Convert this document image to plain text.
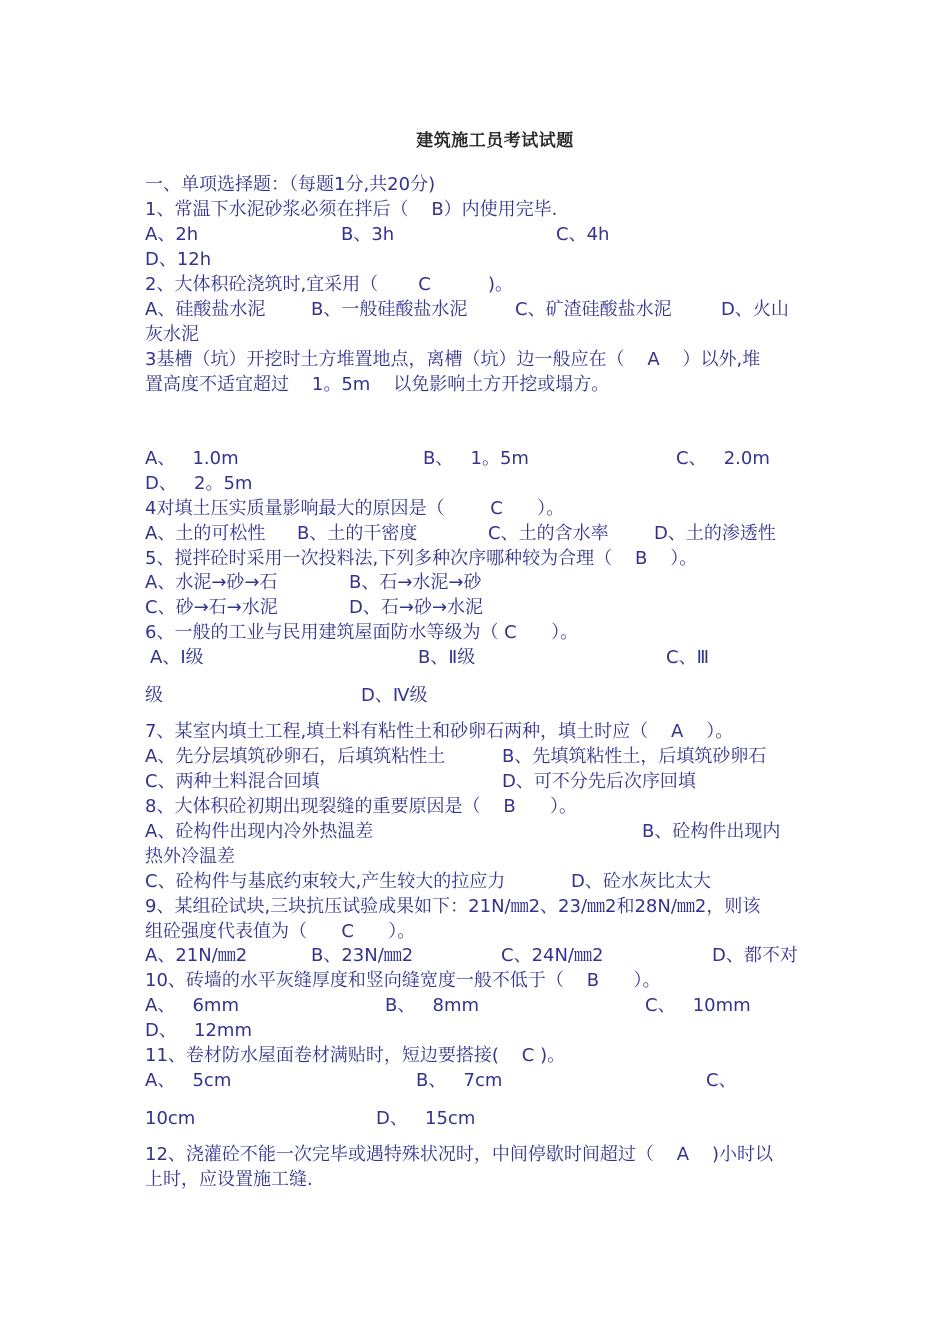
建筑施工员考试试题
一、单项选择题：（每题1分,共20分)
1、常温下水泥砂浆必须在拌后（    B）内使用完毕.

A、2h

	B、3h

	C、4h

D、12h
2、大体积砼浇筑时,宜采用（       C          )。

A、硅酸盐水泥

	B、一般硅酸盐水泥

	C、矿渣硅酸盐水泥

	D、火山

灰水泥
3基槽（坑）开挖时土方堆置地点，离槽（坑）边一般应在（    A    ）以外,堆
置高度不适宜超过    1。5m    以免影响土方开挖或塌方。

A、   1.0m

	B、   1。5m

	C、   2.0m

D、   2。5m
4对填土压实质量影响最大的原因是（        C      ）。

A、土的可松性

B、土的干密度

	C、土的含水率

	D、土的渗透性

5、搅拌砼时采用一次投料法,下列多种次序哪种较为合理（    B    ）。

A、水泥→砂→石

	B、石→水泥→砂

C、砂→石→水泥

	D、石→砂→水泥

6、一般的工业与民用建筑屋面防水等级为（ C      ）。

A、Ⅰ级

	B、Ⅱ级

	C、Ⅲ

级

	D、Ⅳ级

7、某室内填土工程,填土料有粘性土和砂卵石两种，填土时应（    A    ）。

A、先分层填筑砂卵石，后填筑粘性土

	B、先填筑粘性土，后填筑砂卵石

C、两种土料混合回填

	D、可不分先后次序回填

8、大体积砼初期出现裂缝的重要原因是（    B      ）。

A、砼构件出现内冷外热温差

	B、砼构件出现内

热外冷温差

C、砼构件与基底约束较大,产生较大的拉应力

	D、砼水灰比太大

9、某组砼试块,三块抗压试验成果如下：21N/㎜2、23/㎜2和28N/㎜2，则该
组砼强度代表值为（      C      ）。

A、21N/㎜2

	B、23N/㎜2

	C、24N/㎜2

	D、都不对

10、砖墙的水平灰缝厚度和竖向缝宽度一般不低于（    B      ）。

A、   6mm

	B、   8mm

	C、   10mm

D、   12mm
11、卷材防水屋面卷材满贴时，短边要搭接(    C )。

A、   5cm

	B、   7cm

	C、

10cm

	D、   15cm

12、浇灌砼不能一次完毕或遇特殊状况时，中间停歇时间超过（    A    )小时以
上时，应设置施工缝.
